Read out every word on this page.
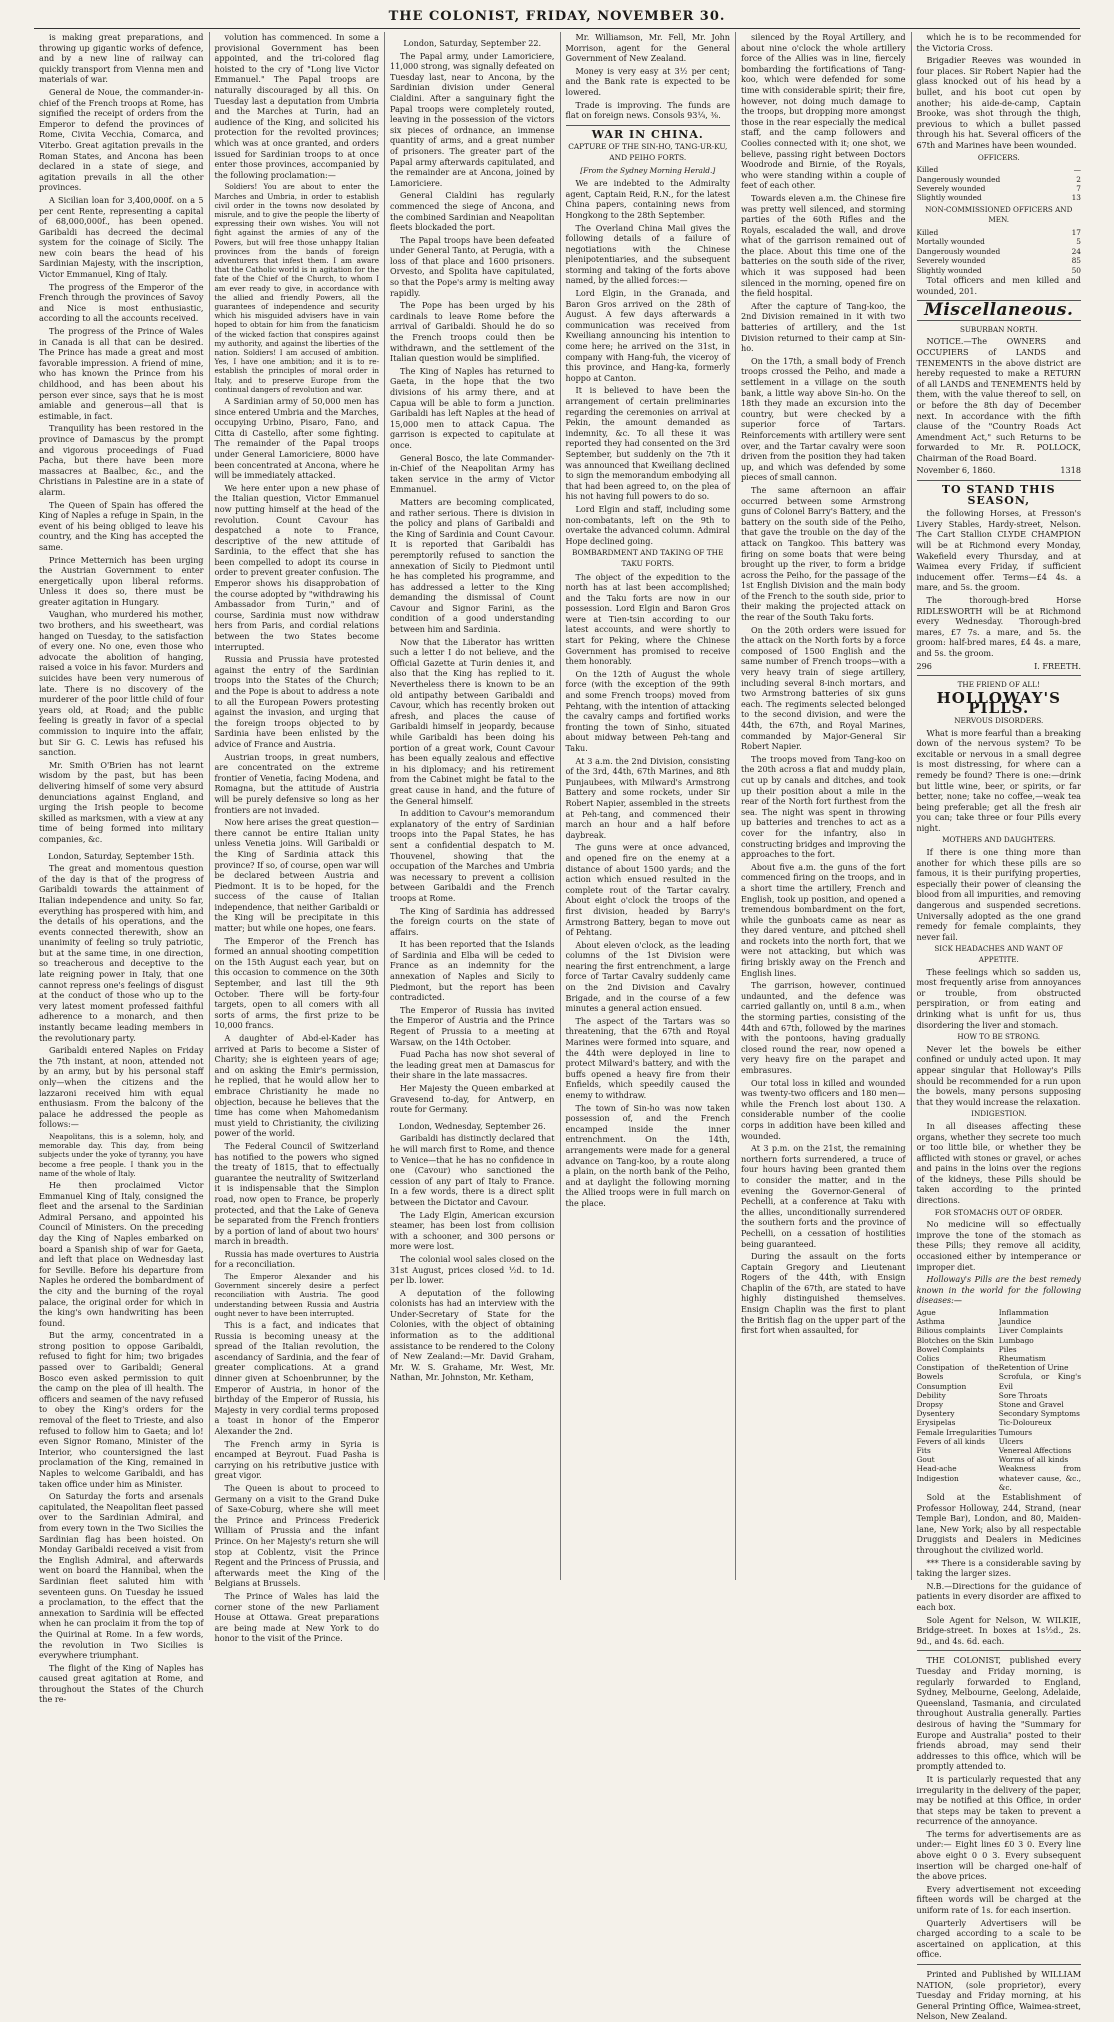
THE COLONIST, FRIDAY, NOVEMBER 30.

is making great preparations, and throwing up gigantic works of defence, and by a new line of railway can quickly transport from Vienna men and materials of war.

General de Noue, the commander-in-chief of the French troops at Rome, has signified the receipt of orders from the Emperor to defend the provinces of Rome, Civita Vecchia, Comarca, and Viterbo. Great agitation prevails in the Roman States, and Ancona has been declared in a state of siege, and agitation prevails in all the other provinces.

A Sicilian loan for 3,400,000f. on a 5 per cent Rente, representing a capital of 68,000,000f., has been opened. Garibaldi has decreed the decimal system for the coinage of Sicily. The new coin bears the head of his Sardinian Majesty, with the inscription, Victor Emmanuel, King of Italy.

The progress of the Emperor of the French through the provinces of Savoy and Nice is most enthusiastic, according to all the accounts received.

The progress of the Prince of Wales in Canada is all that can be desired. The Prince has made a great and most favorable impression. A friend of mine, who has known the Prince from his childhood, and has been about his person ever since, says that he is most amiable and generous—all that is estimable, in fact.

Tranquility has been restored in the province of Damascus by the prompt and vigorous proceedings of Fuad Pacha, but there have been more massacres at Baalbec, &c., and the Christians in Palestine are in a state of alarm.

The Queen of Spain has offered the King of Naples a refuge in Spain, in the event of his being obliged to leave his country, and the King has accepted the same.

Prince Metternich has been urging the Austrian Government to enter energetically upon liberal reforms. Unless it does so, there must be greater agitation in Hungary.

Vaughan, who murdered his mother, two brothers, and his sweetheart, was hanged on Tuesday, to the satisfaction of every one. No one, even those who advocate the abolition of hanging, raised a voice in his favor. Murders and suicides have been very numerous of late. There is no discovery of the murderer of the poor little child of four years old, at Road; and the public feeling is greatly in favor of a special commission to inquire into the affair, but Sir G. C. Lewis has refused his sanction.

Mr. Smith O'Brien has not learnt wisdom by the past, but has been delivering himself of some very absurd denunciations against England, and urging the Irish people to become skilled as marksmen, with a view at any time of being formed into military companies, &c.

London, Saturday, September 15th.

The great and momentous question of the day is that of the progress of Garibaldi towards the attainment of Italian independence and unity. So far, everything has prospered with him, and the details of his operations, and the events connected therewith, show an unanimity of feeling so truly patriotic, but at the same time, in one direction, so treacherous and deceptive to the late reigning power in Italy, that one cannot repress one's feelings of disgust at the conduct of those who up to the very latest moment professed faithful adherence to a monarch, and then instantly became leading members in the revolutionary party.

Garibaldi entered Naples on Friday the 7th instant, at noon, attended not by an army, but by his personal staff only—when the citizens and the lazzaroni received him with equal enthusiasm. From the balcony of the palace he addressed the people as follows:—

Neapolitans, this is a solemn, holy, and memorable day. This day, from being subjects under the yoke of tyranny, you have become a free people. I thank you in the name of the whole of Italy.

He then proclaimed Victor Emmanuel King of Italy, consigned the fleet and the arsenal to the Sardinian Admiral Persano, and appointed his Council of Ministers. On the preceding day the King of Naples embarked on board a Spanish ship of war for Gaeta, and left that place on Wednesday last for Seville. Before his departure from Naples he ordered the bombardment of the city and the burning of the royal palace, the original order for which in the king's own handwriting has been found.

But the army, concentrated in a strong position to oppose Garibaldi, refused to fight for him; two brigades passed over to Garibaldi; General Bosco even asked permission to quit the camp on the plea of ill health. The officers and seamen of the navy refused to obey the King's orders for the removal of the fleet to Trieste, and also refused to follow him to Gaeta; and lo! even Signor Romano, Minister of the Interior, who countersigned the last proclamation of the King, remained in Naples to welcome Garibaldi, and has taken office under him as Minister.

On Saturday the forts and arsenals capitulated, the Neapolitan fleet passed over to the Sardinian Admiral, and from every town in the Two Sicilies the Sardinian flag has been hoisted. On Monday Garibaldi received a visit from the English Admiral, and afterwards went on board the Hannibal, when the Sardinian fleet saluted him with seventeen guns. On Tuesday he issued a proclamation, to the effect that the annexation to Sardinia will be effected when he can proclaim it from the top of the Quirinal at Rome. In a few words, the revolution in Two Sicilies is everywhere triumphant.

The flight of the King of Naples has caused great agitation at Rome, and throughout the States of the Church the re-

volution has commenced. In some a provisional Government has been appointed, and the tri-colored flag hoisted to the cry of "Long live Victor Emmanuel." The Papal troops are naturally discouraged by all this. On Tuesday last a deputation from Umbria and the Marches at Turin, had an audience of the King, and solicited his protection for the revolted provinces; which was at once granted, and orders issued for Sardinian troops to at once enter those provinces, accompanied by the following proclamation:—

Soldiers! You are about to enter the Marches and Umbria, in order to establish civil order in the towns now desolated by misrule, and to give the people the liberty of expressing their own wishes. You will not fight against the armies of any of the Powers, but will free those unhappy Italian provinces from the bands of foreign adventurers that infest them. I am aware that the Catholic world is in agitation for the fate of the Chief of the Church, to whom I am ever ready to give, in accordance with the allied and friendly Powers, all the guarantees of independence and security which his misguided advisers have in vain hoped to obtain for him from the fanaticism of the wicked faction that conspires against my authority, and against the liberties of the nation. Soldiers! I am accused of ambition. Yes, I have one ambition; and it is to re-establish the principles of moral order in Italy, and to preserve Europe from the continual dangers of revolution and war.

A Sardinian army of 50,000 men has since entered Umbria and the Marches, occupying Urbino, Pisaro, Fano, and Citta di Castello, after some fighting. The remainder of the Papal troops under General Lamoriciere, 8000 have been concentrated at Ancona, where he will be immediately attacked.

We here enter upon a new phase of the Italian question, Victor Emmanuel now putting himself at the head of the revolution. Count Cavour has despatched a note to France, descriptive of the new attitude of Sardinia, to the effect that she has been compelled to adopt its course in order to prevent greater confusion. The Emperor shows his disapprobation of the course adopted by "withdrawing his Ambassador from Turin," and of course, Sardinia must now withdraw hers from Paris, and cordial relations between the two States become interrupted.

Russia and Prussia have protested against the entry of the Sardinian troops into the States of the Church; and the Pope is about to address a note to all the European Powers protesting against the invasion, and urging that the foreign troops objected to by Sardinia have been enlisted by the advice of France and Austria.

Austrian troops, in great numbers, are concentrated on the extreme frontier of Venetia, facing Modena, and Romagna, but the attitude of Austria will be purely defensive so long as her frontiers are not invaded.

Now here arises the great question—there cannot be entire Italian unity unless Venetia joins. Will Garibaldi or the King of Sardinia attack this province? If so, of course, open war will be declared between Austria and Piedmont. It is to be hoped, for the success of the cause of Italian independence, that neither Garibaldi or the King will be precipitate in this matter; but while one hopes, one fears.

The Emperor of the French has formed an annual shooting competition on the 15th August each year, but on this occasion to commence on the 30th September, and last till the 9th October. There will be forty-four targets, open to all comers with all sorts of arms, the first prize to be 10,000 francs.

A daughter of Abd-el-Kader has arrived at Paris to become a Sister of Charity; she is eighteen years of age; and on asking the Emir's permission, he replied, that he would allow her to embrace Christianity he made no objection, because he believes that the time has come when Mahomedanism must yield to Christianity, the civilizing power of the world.

The Federal Council of Switzerland has notified to the powers who signed the treaty of 1815, that to effectually guarantee the neutrality of Switzerland it is indispensable that the Simplon road, now open to France, be properly protected, and that the Lake of Geneva be separated from the French frontiers by a portion of land of about two hours' march in breadth.

Russia has made overtures to Austria for a reconciliation.

The Emperor Alexander and his Government sincerely desire a perfect reconciliation with Austria. The good understanding between Russia and Austria ought never to have been interrupted.

This is a fact, and indicates that Russia is becoming uneasy at the spread of the Italian revolution, the ascendancy of Sardinia, and the fear of greater complications. At a grand dinner given at Schoenbrunner, by the Emperor of Austria, in honor of the birthday of the Emperor of Russia, his Majesty in very cordial terms proposed a toast in honor of the Emperor Alexander the 2nd.

The French army in Syria is encamped at Beyrout. Fuad Pasha is carrying on his retributive justice with great vigor.

The Queen is about to proceed to Germany on a visit to the Grand Duke of Saxe-Coburg, where she will meet the Prince and Princess Frederick William of Prussia and the infant Prince. On her Majesty's return she will stop at Coblentz, visit the Prince Regent and the Princess of Prussia, and afterwards meet the King of the Belgians at Brussels.

The Prince of Wales has laid the corner stone of the new Parliament House at Ottawa. Great preparations are being made at New York to do honor to the visit of the Prince.

London, Saturday, September 22.

The Papal army, under Lamoriciere, 11,000 strong, was signally defeated on Tuesday last, near to Ancona, by the Sardinian division under General Cialdini. After a sanguinary fight the Papal troops were completely routed, leaving in the possession of the victors six pieces of ordnance, an immense quantity of arms, and a great number of prisoners. The greater part of the Papal army afterwards capitulated, and the remainder are at Ancona, joined by Lamoriciere.

General Cialdini has regularly commenced the siege of Ancona, and the combined Sardinian and Neapolitan fleets blockaded the port.

The Papal troops have been defeated under General Tanto, at Perugia, with a loss of that place and 1600 prisoners. Orvesto, and Spolita have capitulated, so that the Pope's army is melting away rapidly.

The Pope has been urged by his cardinals to leave Rome before the arrival of Garibaldi. Should he do so the French troops could then be withdrawn, and the settlement of the Italian question would be simplified.

The King of Naples has returned to Gaeta, in the hope that the two divisions of his army there, and at Capua will be able to form a junction. Garibaldi has left Naples at the head of 15,000 men to attack Capua. The garrison is expected to capitulate at once.

General Bosco, the late Commander-in-Chief of the Neapolitan Army has taken service in the army of Victor Emmanuel.

Matters are becoming complicated, and rather serious. There is division in the policy and plans of Garibaldi and the King of Sardinia and Count Cavour. It is reported that Garibaldi has peremptorily refused to sanction the annexation of Sicily to Piedmont until he has completed his programme, and has addressed a letter to the King demanding the dismissal of Count Cavour and Signor Farini, as the condition of a good understanding between him and Sardinia.

Now that the Liberator has written such a letter I do not believe, and the Official Gazette at Turin denies it, and also that the King has replied to it. Nevertheless there is known to be an old antipathy between Garibaldi and Cavour, which has recently broken out afresh, and places the cause of Garibaldi himself in jeopardy, because while Garibaldi has been doing his portion of a great work, Count Cavour has been equally zealous and effective in his diplomacy; and his retirement from the Cabinet might be fatal to the great cause in hand, and the future of the General himself.

In addition to Cavour's memorandum explanatory of the entry of Sardinian troops into the Papal States, he has sent a confidential despatch to M. Thouvenel, showing that the occupation of the Marches and Umbria was necessary to prevent a collision between Garibaldi and the French troops at Rome.

The King of Sardinia has addressed the foreign courts on the state of affairs.

It has been reported that the Islands of Sardinia and Elba will be ceded to France as an indemnity for the annexation of Naples and Sicily to Piedmont, but the report has been contradicted.

The Emperor of Russia has invited the Emperor of Austria and the Prince Regent of Prussia to a meeting at Warsaw, on the 14th October.

Fuad Pacha has now shot several of the leading great men at Damascus for their share in the late massacres.

Her Majesty the Queen embarked at Gravesend to-day, for Antwerp, en route for Germany.

London, Wednesday, September 26.

Garibaldi has distinctly declared that he will march first to Rome, and thence to Venice—that he has no confidence in one (Cavour) who sanctioned the cession of any part of Italy to France. In a few words, there is a direct split between the Dictator and Cavour.

The Lady Elgin, American excursion steamer, has been lost from collision with a schooner, and 300 persons or more were lost.

The colonial wool sales closed on the 31st August, prices closed ½d. to 1d. per lb. lower.

A deputation of the following colonists has had an interview with the Under-Secretary of State for the Colonies, with the object of obtaining information as to the additional assistance to be rendered to the Colony of New Zealand:—Mr. David Graham, Mr. W. S. Grahame, Mr. West, Mr. Nathan, Mr. Johnston, Mr. Ketham,

Mr. Williamson, Mr. Fell, Mr. John Morrison, agent for the General Government of New Zealand.

Money is very easy at 3½ per cent; and the Bank rate is expected to be lowered.

Trade is improving. The funds are flat on foreign news. Consols 93¼, ⅜.

WAR IN CHINA.
CAPTURE OF THE SIN-HO, TANG-UR-KU, AND PEIHO FORTS.
[From the Sydney Morning Herald.]

We are indebted to the Admiralty agent, Captain Reid, R.N., for the latest China papers, containing news from Hongkong to the 28th September.

The Overland China Mail gives the following details of a failure of negotiations with the Chinese plenipotentiaries, and the subsequent storming and taking of the forts above named, by the allied forces:—

Lord Elgin, in the Granada, and Baron Gros arrived on the 28th of August. A few days afterwards a communication was received from Kweiliang announcing his intention to come here; he arrived on the 31st, in company with Hang-fuh, the viceroy of this province, and Hang-ka, formerly hoppo at Canton.

It is believed to have been the arrangement of certain preliminaries regarding the ceremonies on arrival at Pekin, the amount demanded as indemnity, &c. To all these it was reported they had consented on the 3rd September, but suddenly on the 7th it was announced that Kweiliang declined to sign the memorandum embodying all that had been agreed to, on the plea of his not having full powers to do so.

Lord Elgin and staff, including some non-combatants, left on the 9th to overtake the advanced column. Admiral Hope declined going.

BOMBARDMENT AND TAKING OF THE TAKU FORTS.

The object of the expedition to the north has at last been accomplished; and the Taku forts are now in our possession. Lord Elgin and Baron Gros were at Tien-tsin according to our latest accounts, and were shortly to start for Peking, where the Chinese Government has promised to receive them honorably.

On the 12th of August the whole force (with the exception of the 99th and some French troops) moved from Pehtang, with the intention of attacking the cavalry camps and fortified works fronting the town of Sinho, situated about midway between Peh-tang and Taku.

At 3 a.m. the 2nd Division, consisting of the 3rd, 44th, 67th Marines, and 8th Punjaubees, with Milward's Armstrong Battery and some rockets, under Sir Robert Napier, assembled in the streets at Peh-tang, and commenced their march an hour and a half before daybreak.

The guns were at once advanced, and opened fire on the enemy at a distance of about 1500 yards; and the action which ensued resulted in the complete rout of the Tartar cavalry. About eight o'clock the troops of the first division, headed by Barry's Armstrong Battery, began to move out of Pehtang.

About eleven o'clock, as the leading columns of the 1st Division were nearing the first entrenchment, a large force of Tartar Cavalry suddenly came on the 2nd Division and Cavalry Brigade, and in the course of a few minutes a general action ensued.

The aspect of the Tartars was so threatening, that the 67th and Royal Marines were formed into square, and the 44th were deployed in line to protect Milward's battery, and with the buffs opened a heavy fire from their Enfields, which speedily caused the enemy to withdraw.

The town of Sin-ho was now taken possession of, and the French encamped inside the inner entrenchment. On the 14th, arrangements were made for a general advance on Tang-koo, by a route along a plain, on the north bank of the Peiho, and at daylight the following morning the Allied troops were in full march on the place.

silenced by the Royal Artillery, and about nine o'clock the whole artillery force of the Allies was in line, fiercely bombarding the fortifications of Tang-koo, which were defended for some time with considerable spirit; their fire, however, not doing much damage to the troops, but dropping more amongst those in the rear especially the medical staff, and the camp followers and Coolies connected with it; one shot, we believe, passing right between Doctors Woodrode and Birnie, of the Royals, who were standing within a couple of feet of each other.

Towards eleven a.m. the Chinese fire was pretty well silenced, and storming parties of the 60th Rifles and the Royals, escaladed the wall, and drove what of the garrison remained out of the place. About this time one of the batteries on the south side of the river, which it was supposed had been silenced in the morning, opened fire on the field hospital.

After the capture of Tang-koo, the 2nd Division remained in it with two batteries of artillery, and the 1st Division returned to their camp at Sin-ho.

On the 17th, a small body of French troops crossed the Peiho, and made a settlement in a village on the south bank, a little way above Sin-ho. On the 18th they made an excursion into the country, but were checked by a superior force of Tartars. Reinforcements with artillery were sent over, and the Tartar cavalry were soon driven from the position they had taken up, and which was defended by some pieces of small cannon.

The same afternoon an affair occurred between some Armstrong guns of Colonel Barry's Battery, and the battery on the south side of the Peiho, that gave the trouble on the day of the attack on Tangkoo. This battery was firing on some boats that were being brought up the river, to form a bridge across the Peiho, for the passage of the 1st English Division and the main body of the French to the south side, prior to their making the projected attack on the rear of the South Taku forts.

On the 20th orders were issued for the attack on the North forts by a force composed of 1500 English and the same number of French troops—with a very heavy train of siege artillery, including several 8-inch mortars, and two Armstrong batteries of six guns each. The regiments selected belonged to the second division, and were the 44th, the 67th, and Royal Marines, commanded by Major-General Sir Robert Napier.

The troops moved from Tang-koo on the 20th across a flat and muddy plain, cut up by canals and ditches, and took up their position about a mile in the rear of the North fort furthest from the sea. The night was spent in throwing up batteries and trenches to act as a cover for the infantry, also in constructing bridges and improving the approaches to the fort.

About five a.m. the guns of the fort commenced firing on the troops, and in a short time the artillery, French and English, took up position, and opened a tremendous bombardment on the fort, while the gunboats came as near as they dared venture, and pitched shell and rockets into the north fort, that we were not attacking, but which was firing briskly away on the French and English lines.

The garrison, however, continued undaunted, and the defence was carried gallantly on, until 8 a.m., when the storming parties, consisting of the 44th and 67th, followed by the marines with the pontoons, having gradually closed round the rear, now opened a very heavy fire on the parapet and embrasures.

Our total loss in killed and wounded was twenty-two officers and 180 men—while the French lost about 130. A considerable number of the coolie corps in addition have been killed and wounded.

At 3 p.m. on the 21st, the remaining northern forts surrendered, a truce of four hours having been granted them to consider the matter, and in the evening the Governor-General of Pechelli, at a conference at Taku with the allies, unconditionally surrendered the southern forts and the province of Pechelli, on a cessation of hostilities being guaranteed.

During the assault on the forts Captain Gregory and Lieutenant Rogers of the 44th, with Ensign Chaplin of the 67th, are stated to have highly distinguished themselves. Ensign Chaplin was the first to plant the British flag on the upper part of the first fort when assaulted, for

which he is to be recommended for the Victoria Cross.

Brigadier Reeves was wounded in four places. Sir Robert Napier had the glass knocked out of his head by a bullet, and his boot cut open by another; his aide-de-camp, Captain Brooke, was shot through the thigh, previous to which a bullet passed through his hat. Several officers of the 67th and Marines have been wounded.

OFFICERS.
Killed	—
Dangerously wounded	2
Severely wounded	7
Slightly wounded	13
NON-COMMISSIONED OFFICERS AND MEN.
Killed	17
Mortally wounded	5
Dangerously wounded	24
Severely wounded	85
Slightly wounded	50

Total officers and men killed and wounded, 201.

Miscellaneous.
SUBURBAN NORTH.

NOTICE.—The OWNERS and OCCUPIERS of LANDS and TENEMENTS in the above district are hereby requested to make a RETURN of all LANDS and TENEMENTS held by them, with the value thereof to sell, on or before the 8th day of December next. In accordance with the fifth clause of the "Country Roads Act Amendment Act," such Returns to be forwarded to Mr. R. POLLOCK, Chairman of the Road Board.

November 6, 1860.	1318

TO STAND THIS SEASON,

the following Horses, at Fresson's Livery Stables, Hardy-street, Nelson. The Cart Stallion CLYDE CHAMPION will be at Richmond every Monday, Wakefield every Thursday, and at Waimea every Friday, if sufficient inducement offer. Terms—£4 4s. a mare, and 5s. the groom.

The thorough-bred Horse RIDLESWORTH will be at Richmond every Wednesday. Thorough-bred mares, £7 7s. a mare, and 5s. the groom: half-bred mares, £4 4s. a mare, and 5s. the groom.

296	I. FREETH.

THE FRIEND OF ALL!
HOLLOWAY'S PILLS.
NERVOUS DISORDERS.

What is more fearful than a breaking down of the nervous system? To be excitable or nervous in a small degree is most distressing, for where can a remedy be found? There is one:—drink but little wine, beer, or spirits, or far better, none; take no coffee,—weak tea being preferable; get all the fresh air you can; take three or four Pills every night.

MOTHERS AND DAUGHTERS.

If there is one thing more than another for which these pills are so famous, it is their purifying properties, especially their power of cleansing the blood from all impurities, and removing dangerous and suspended secretions. Universally adopted as the one grand remedy for female complaints, they never fail.

SICK HEADACHES AND WANT OF APPETITE.

These feelings which so sadden us, most frequently arise from annoyances or trouble, from obstructed perspiration, or from eating and drinking what is unfit for us, thus disordering the liver and stomach.

HOW TO BE STRONG.

Never let the bowels be either confined or unduly acted upon. It may appear singular that Holloway's Pills should be recommended for a run upon the bowels, many persons supposing that they would increase the relaxation.

INDIGESTION.

In all diseases affecting these organs, whether they secrete too much or too little bile, or whether they be afflicted with stones or gravel, or aches and pains in the loins over the regions of the kidneys, these Pills should be taken according to the printed directions.

FOR STOMACHS OUT OF ORDER.

No medicine will so effectually improve the tone of the stomach as these Pills; they remove all acidity, occasioned either by intemperance or improper diet.

Holloway's Pills are the best remedy known in the world for the following diseases:—

Ague
Asthma
Bilious complaints
Blotches on the Skin
Bowel Complaints
Colics
Constipation of the Bowels
Consumption
Debility
Dropsy
Dysentery
Erysipelas
Female Irregularities
Fevers of all kinds
Fits
Gout
Head-ache
Indigestion
Inflammation
Jaundice
Liver Complaints
Lumbago
Piles
Rheumatism
Retention of Urine
Scrofula, or King's Evil
Sore Throats
Stone and Gravel
Secondary Symptoms
Tic-Doloureux
Tumours
Ulcers
Venereal Affections
Worms of all kinds
Weakness from whatever cause, &c., &c.

Sold at the Establishment of Professor Holloway, 244, Strand, (near Temple Bar), London, and 80, Maiden-lane, New York; also by all respectable Druggists and Dealers in Medicines throughout the civilized world.

*** There is a considerable saving by taking the larger sizes.

N.B.—Directions for the guidance of patients in every disorder are affixed to each box.

Sole Agent for Nelson, W. WILKIE, Bridge-street. In boxes at 1s½d., 2s. 9d., and 4s. 6d. each.

THE COLONIST, published every Tuesday and Friday morning, is regularly forwarded to England, Sydney, Melbourne, Geelong, Adelaide, Queensland, Tasmania, and circulated throughout Australia generally. Parties desirous of having the "Summary for Europe and Australia" posted to their friends abroad, may send their addresses to this office, which will be promptly attended to.

It is particularly requested that any irregularity in the delivery of the paper, may be notified at this Office, in order that steps may be taken to prevent a recurrence of the annoyance.

The terms for advertisements are as under:— Eight lines £0 3 0. Every line above eight 0 0 3. Every subsequent insertion will be charged one-half of the above prices.

Every advertisement not exceeding fifteen words will be charged at the uniform rate of 1s. for each insertion.

Quarterly Advertisers will be charged according to a scale to be ascertained on application, at this office.

Printed and Published by WILLIAM NATION, (sole proprietor), every Tuesday and Friday morning, at his General Printing Office, Waimea-street, Nelson, New Zealand.
